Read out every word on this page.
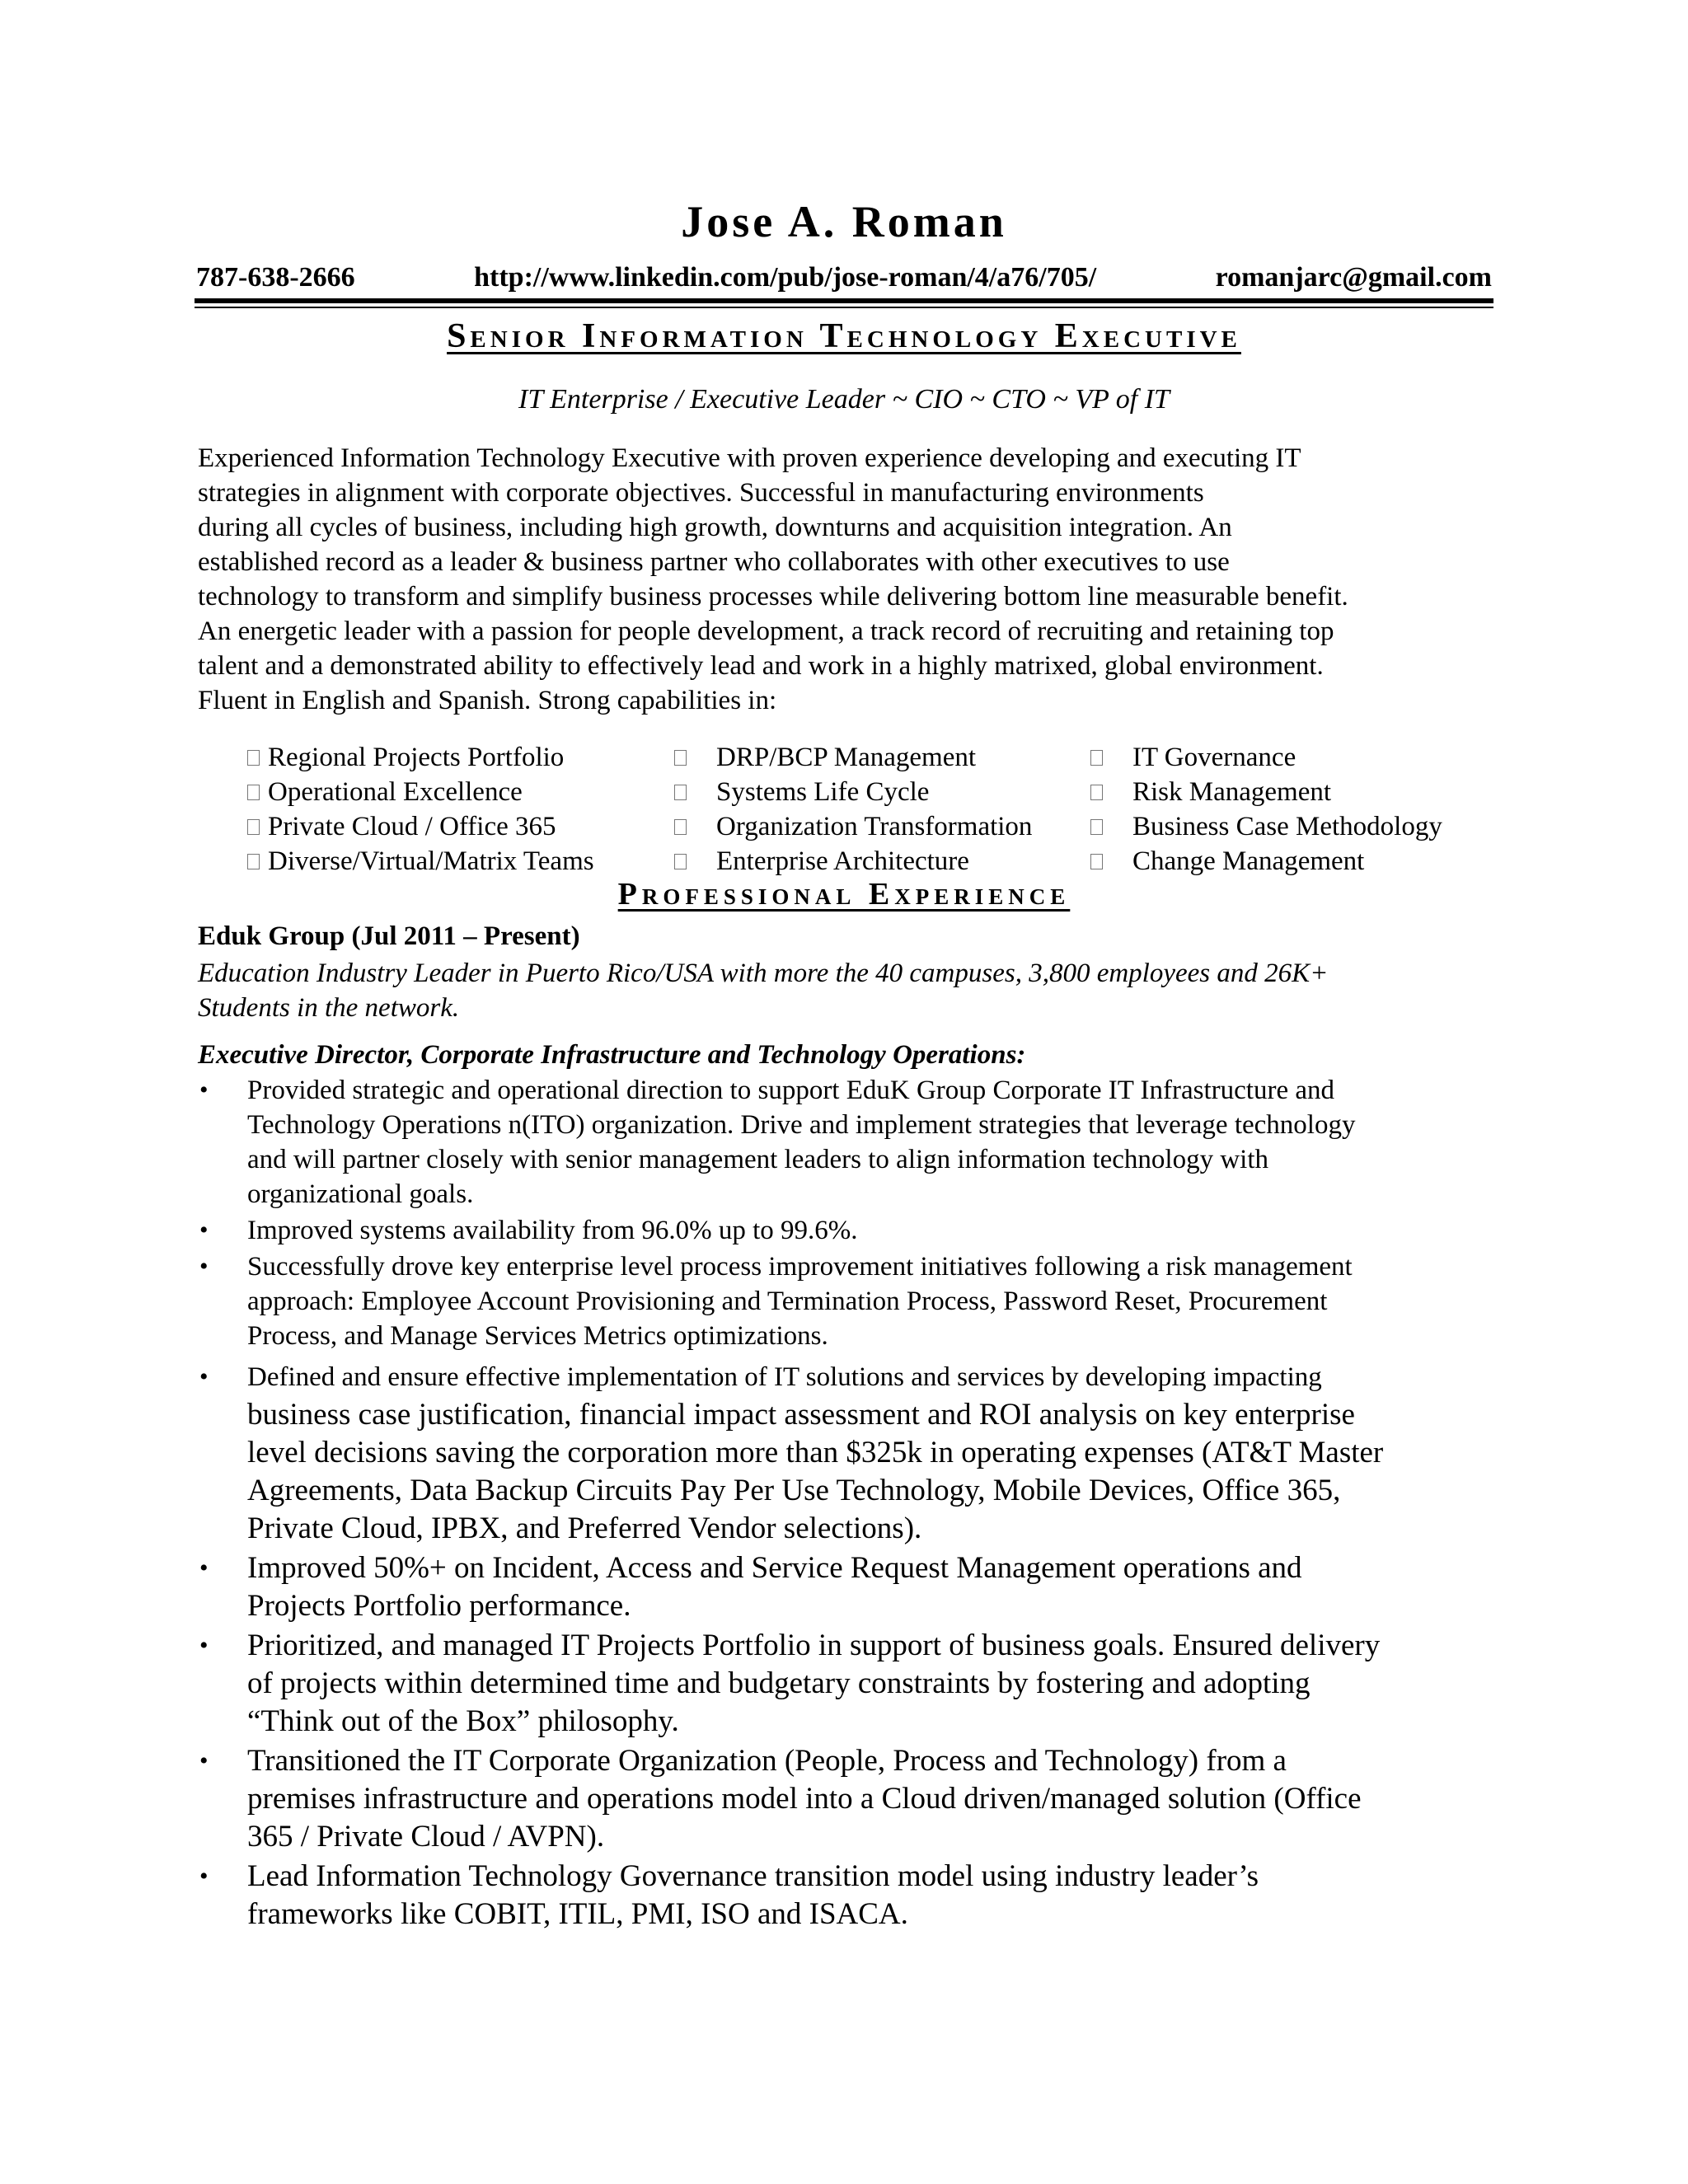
Jose A. Roman
787-638-2666	http://www.linkedin.com/pub/jose-roman/4/a76/705/	romanjarc@gmail.com
Senior Information Technology Executive
IT Enterprise / Executive Leader ~ CIO ~ CTO ~ VP of IT
Experienced Information Technology Executive with proven experience developing and executing IT
strategies in alignment with corporate objectives. Successful in manufacturing environments
during all cycles of business, including high growth, downturns and acquisition integration. An
established record as a leader & business partner who collaborates with other executives to use
technology to transform and simplify business processes while delivering bottom line measurable benefit.
An energetic leader with a passion for people development, a track record of recruiting and retaining top
talent and a demonstrated ability to effectively lead and work in a highly matrixed, global environment.
Fluent in English and Spanish. Strong capabilities in:
Regional Projects Portfolio	DRP/BCP Management	IT Governance
Operational Excellence	Systems Life Cycle	Risk Management
Private Cloud / Office 365	Organization Transformation	Business Case Methodology
Diverse/Virtual/Matrix Teams	Enterprise Architecture	Change Management
Professional Experience
Eduk Group (Jul 2011 – Present)
Education Industry Leader in Puerto Rico/USA with more the 40 campuses, 3,800 employees and 26K+
Students in the network.
Executive Director, Corporate Infrastructure and Technology Operations:
• Provided strategic and operational direction to support EduK Group Corporate IT Infrastructure and
Technology Operations n(ITO) organization. Drive and implement strategies that leverage technology
and will partner closely with senior management leaders to align information technology with
organizational goals.
• Improved systems availability from 96.0% up to 99.6%.
• Successfully drove key enterprise level process improvement initiatives following a risk management
approach: Employee Account Provisioning and Termination Process, Password Reset, Procurement
Process, and Manage Services Metrics optimizations.
• Defined and ensure effective implementation of IT solutions and services by developing impacting
business case justification, financial impact assessment and ROI analysis on key enterprise
level decisions saving the corporation more than $325k in operating expenses (AT&T Master
Agreements, Data Backup Circuits Pay Per Use Technology, Mobile Devices, Office 365,
Private Cloud, IPBX, and Preferred Vendor selections).
• Improved 50%+ on Incident, Access and Service Request Management operations and
Projects Portfolio performance.
• Prioritized, and managed IT Projects Portfolio in support of business goals. Ensured delivery
of projects within determined time and budgetary constraints by fostering and adopting
“Think out of the Box” philosophy.
• Transitioned the IT Corporate Organization (People, Process and Technology) from a
premises infrastructure and operations model into a Cloud driven/managed solution (Office
365 / Private Cloud / AVPN).
• Lead Information Technology Governance transition model using industry leader’s
frameworks like COBIT, ITIL, PMI, ISO and ISACA.
